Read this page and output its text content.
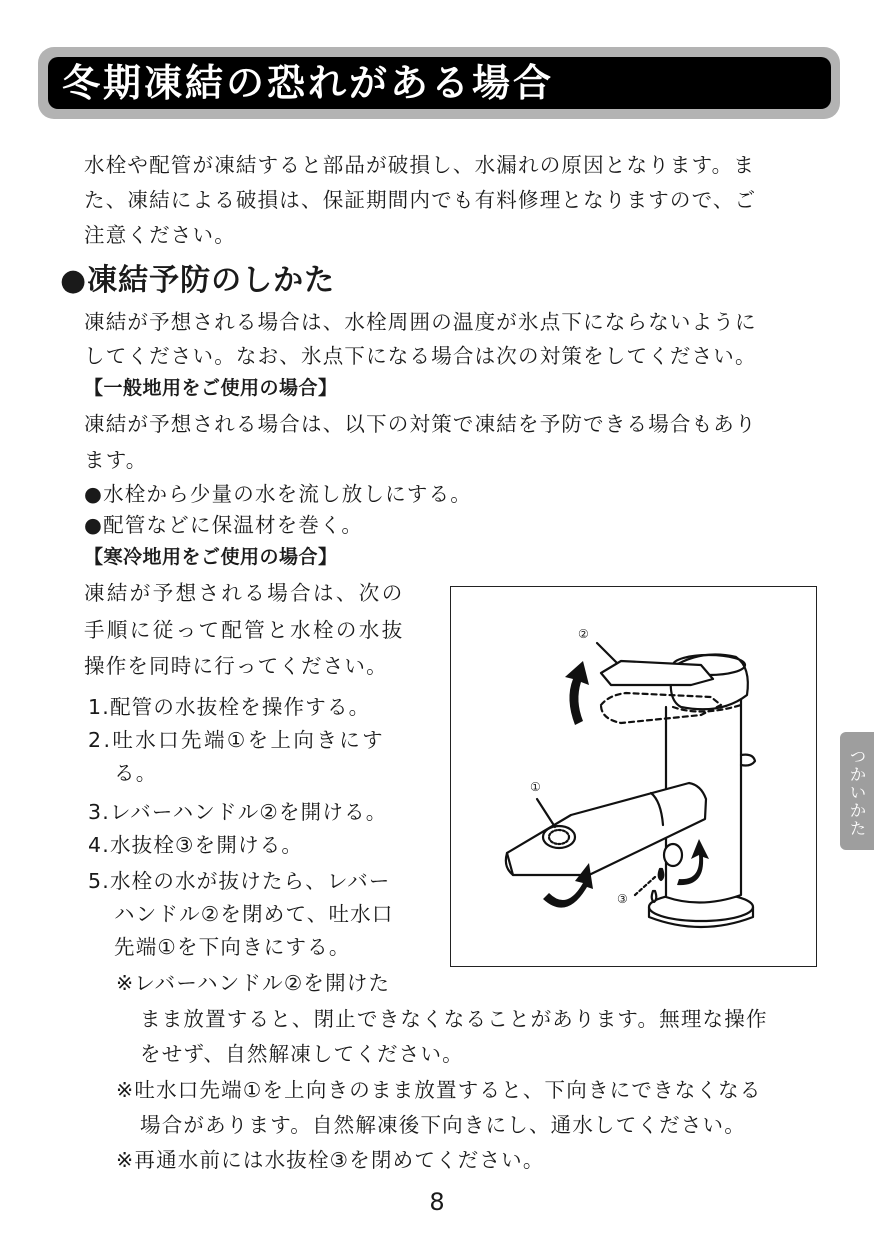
冬期凍結の恐れがある場合
水栓や配管が凍結すると部品が破損し、水漏れの原因となります。ま
た、凍結による破損は、保証期間内でも有料修理となりますので、ご
注意ください。
●凍結予防のしかた
凍結が予想される場合は、水栓周囲の温度が氷点下にならないように
してください。なお、氷点下になる場合は次の対策をしてください。
【一般地用をご使用の場合】
凍結が予想される場合は、以下の対策で凍結を予防できる場合もあり
ます。
●水栓から少量の水を流し放しにする。
●配管などに保温材を巻く。
【寒冷地用をご使用の場合】
凍結が予想される場合は、次の
手順に従って配管と水栓の水抜
操作を同時に行ってください。
1.配管の水抜栓を操作する。
2.吐水口先端①を上向きにす
る。
3.レバーハンドル②を開ける。
4.水抜栓③を開ける。
5.水栓の水が抜けたら、レバー
ハンドル②を閉めて、吐水口
先端①を下向きにする。
※レバーハンドル②を開けた
まま放置すると、閉止できなくなることがあります。無理な操作
をせず、自然解凍してください。
※吐水口先端①を上向きのまま放置すると、下向きにできなくなる
場合があります。自然解凍後下向きにし、通水してください。
※再通水前には水抜栓③を閉めてください。
②
①
③
つかいかた
8
